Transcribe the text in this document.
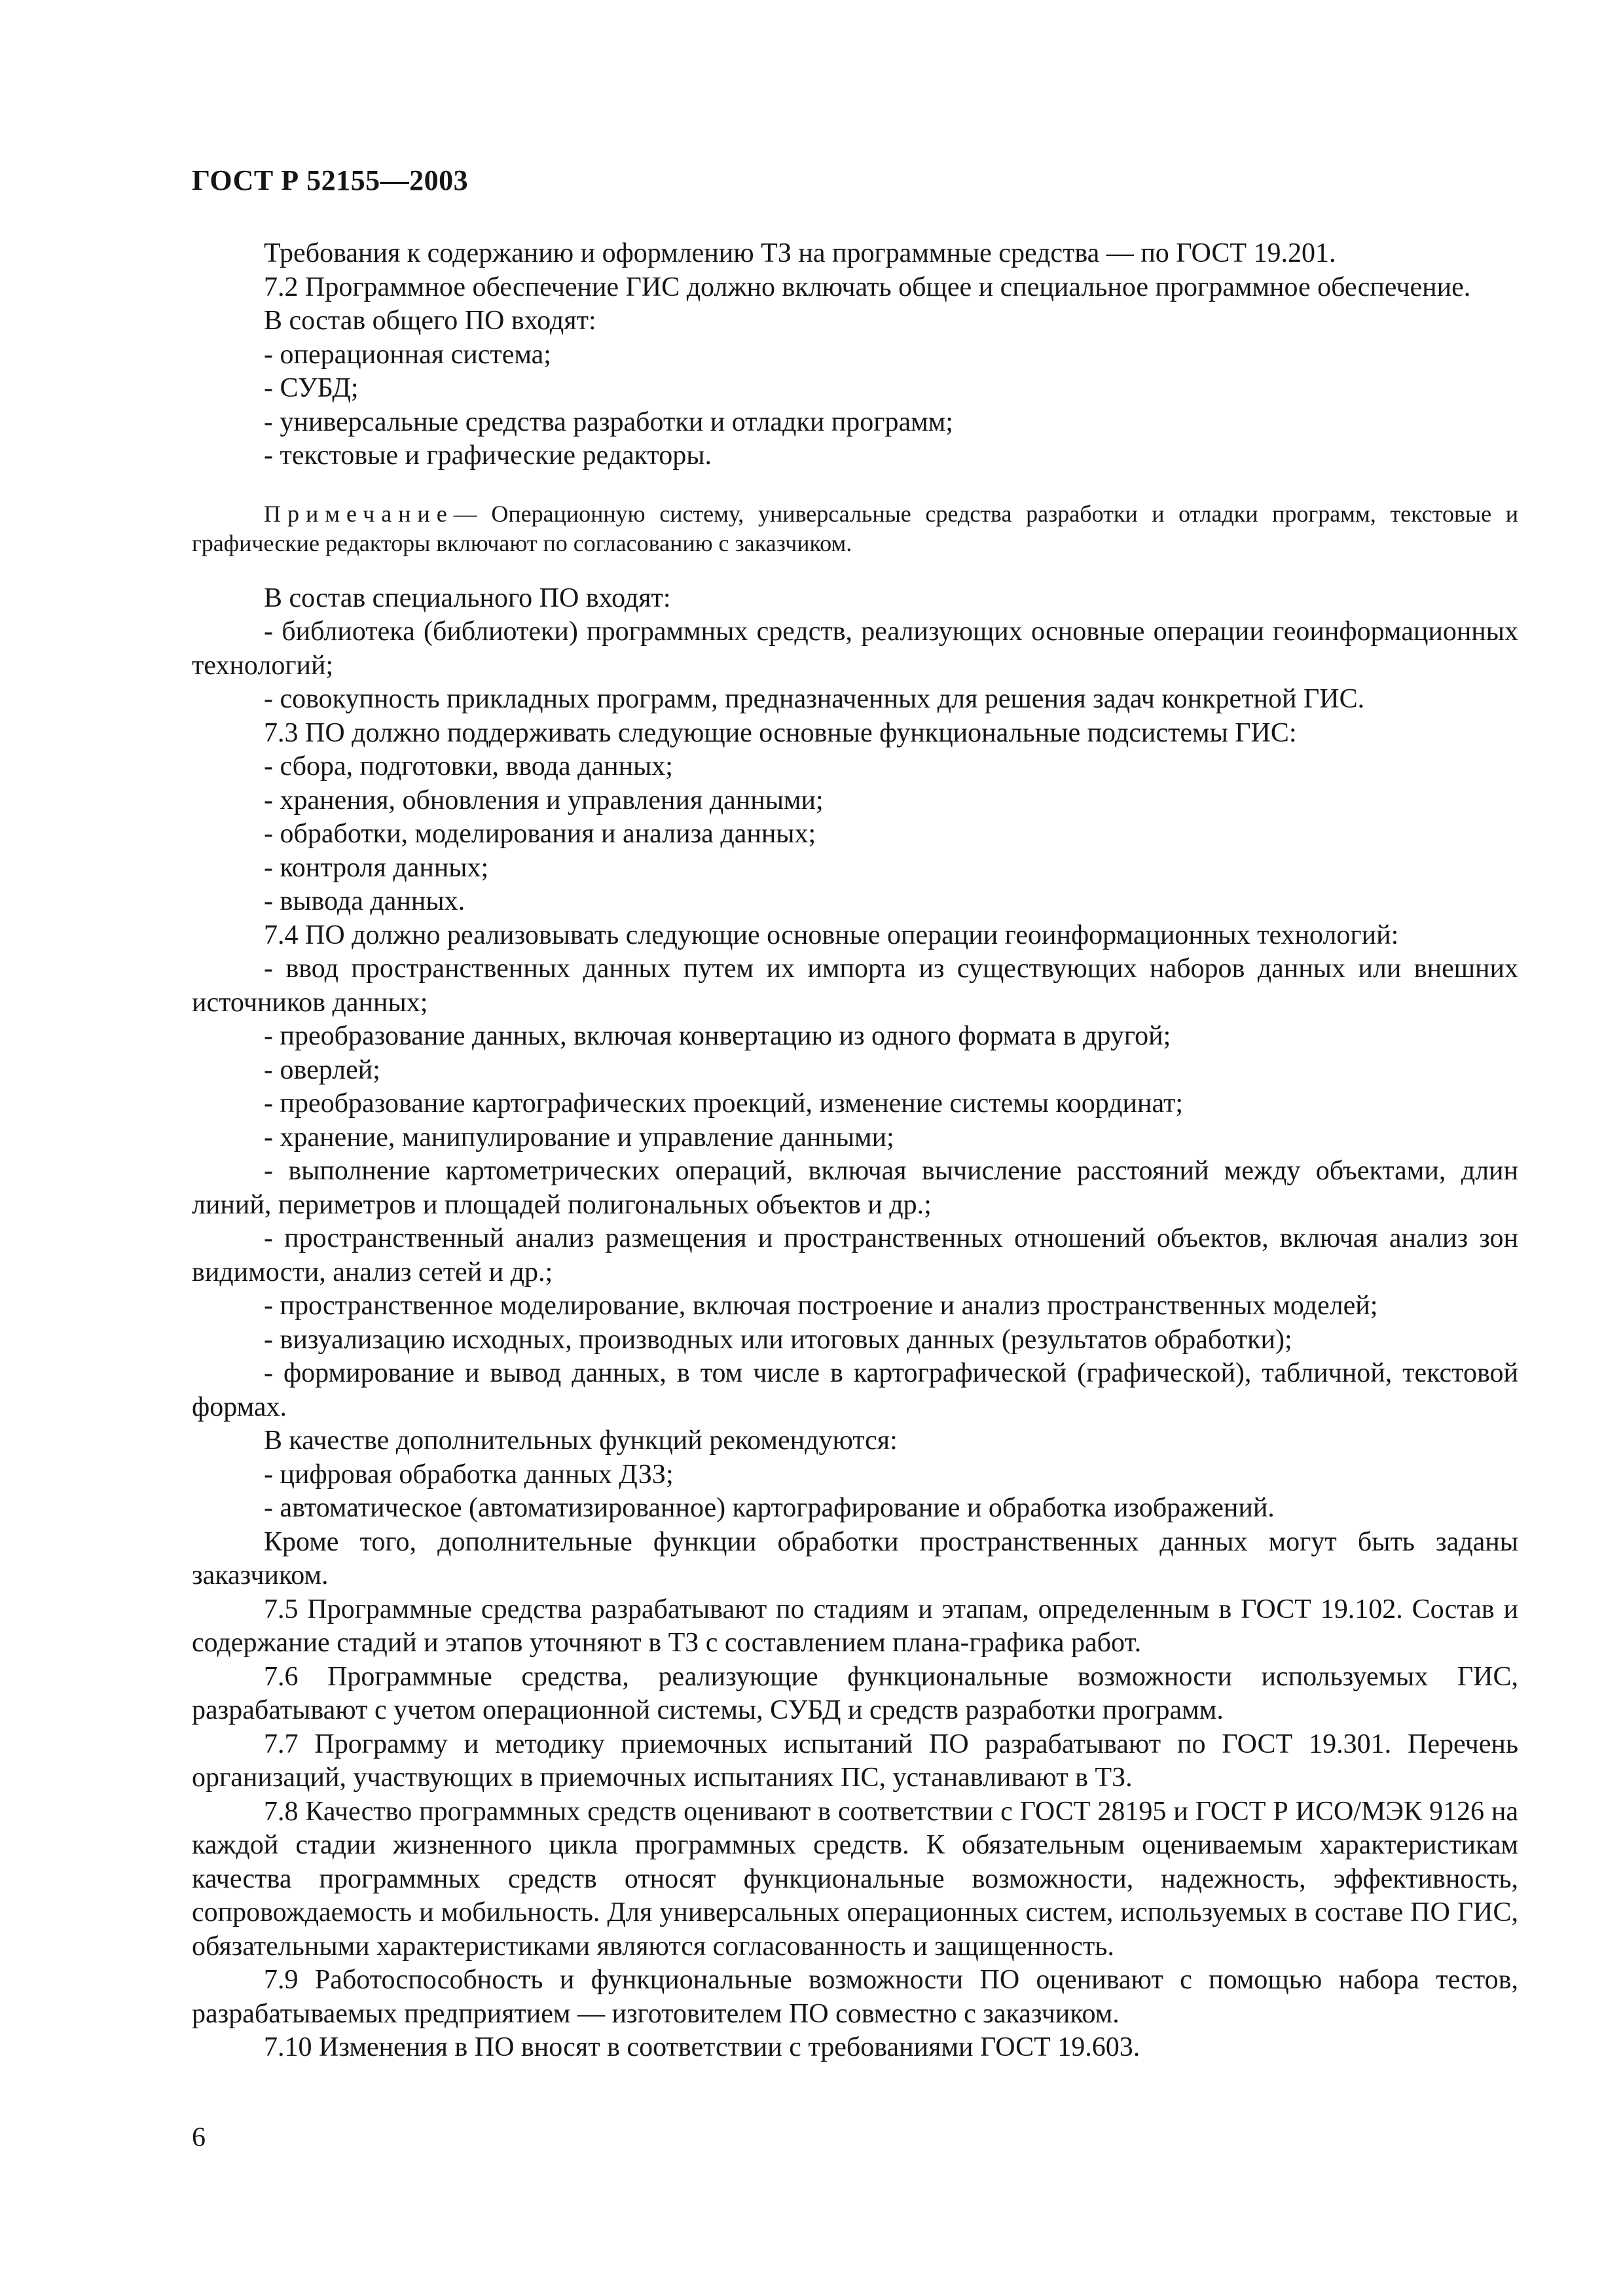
ГОСТ Р 52155—2003

Требования к содержанию и оформлению ТЗ на программные средства — по ГОСТ 19.201.

7.2 Программное обеспечение ГИС должно включать общее и специальное программное обеспечение.

В состав общего ПО входят:

- операционная система;

- СУБД;

- универсальные средства разработки и отладки программ;

- текстовые и графические редакторы.

Примечание— Операционную систему, универсальные средства разработки и отладки программ, текстовые и графические редакторы включают по согласованию с заказчиком.

В состав специального ПО входят:

- библиотека (библиотеки) программных средств, реализующих основные операции геоинформационных технологий;

- совокупность прикладных программ, предназначенных для решения задач конкретной ГИС.

7.3 ПО должно поддерживать следующие основные функциональные подсистемы ГИС:

- сбора, подготовки, ввода данных;

- хранения, обновления и управления данными;

- обработки, моделирования и анализа данных;

- контроля данных;

- вывода данных.

7.4 ПО должно реализовывать следующие основные операции геоинформационных технологий:

- ввод пространственных данных путем их импорта из существующих наборов данных или внешних источников данных;

- преобразование данных, включая конвертацию из одного формата в другой;

- оверлей;

- преобразование картографических проекций, изменение системы координат;

- хранение, манипулирование и управление данными;

- выполнение картометрических операций, включая вычисление расстояний между объектами, длин линий, периметров и площадей полигональных объектов и др.;

- пространственный анализ размещения и пространственных отношений объектов, включая анализ зон видимости, анализ сетей и др.;

- пространственное моделирование, включая построение и анализ пространственных моделей;

- визуализацию исходных, производных или итоговых данных (результатов обработки);

- формирование и вывод данных, в том числе в картографической (графической), табличной, текстовой формах.

В качестве дополнительных функций рекомендуются:

- цифровая обработка данных ДЗЗ;

- автоматическое (автоматизированное) картографирование и обработка изображений.

Кроме того, дополнительные функции обработки пространственных данных могут быть заданы заказчиком.

7.5 Программные средства разрабатывают по стадиям и этапам, определенным в ГОСТ 19.102. Состав и содержание стадий и этапов уточняют в ТЗ с составлением плана-графика работ.

7.6 Программные средства, реализующие функциональные возможности используемых ГИС, разрабатывают с учетом операционной системы, СУБД и средств разработки программ.

7.7 Программу и методику приемочных испытаний ПО разрабатывают по ГОСТ 19.301. Перечень организаций, участвующих в приемочных испытаниях ПС, устанавливают в ТЗ.

7.8 Качество программных средств оценивают в соответствии с ГОСТ 28195 и ГОСТ Р ИСО/МЭК 9126 на каждой стадии жизненного цикла программных средств. К обязательным оцениваемым характеристикам качества программных средств относят функциональные возможности, надежность, эффективность, сопровождаемость и мобильность. Для универсальных операционных систем, используемых в составе ПО ГИС, обязательными характеристиками являются согласованность и защищенность.

7.9 Работоспособность и функциональные возможности ПО оценивают с помощью набора тестов, разрабатываемых предприятием — изготовителем ПО совместно с заказчиком.

7.10 Изменения в ПО вносят в соответствии с требованиями ГОСТ 19.603.

6
